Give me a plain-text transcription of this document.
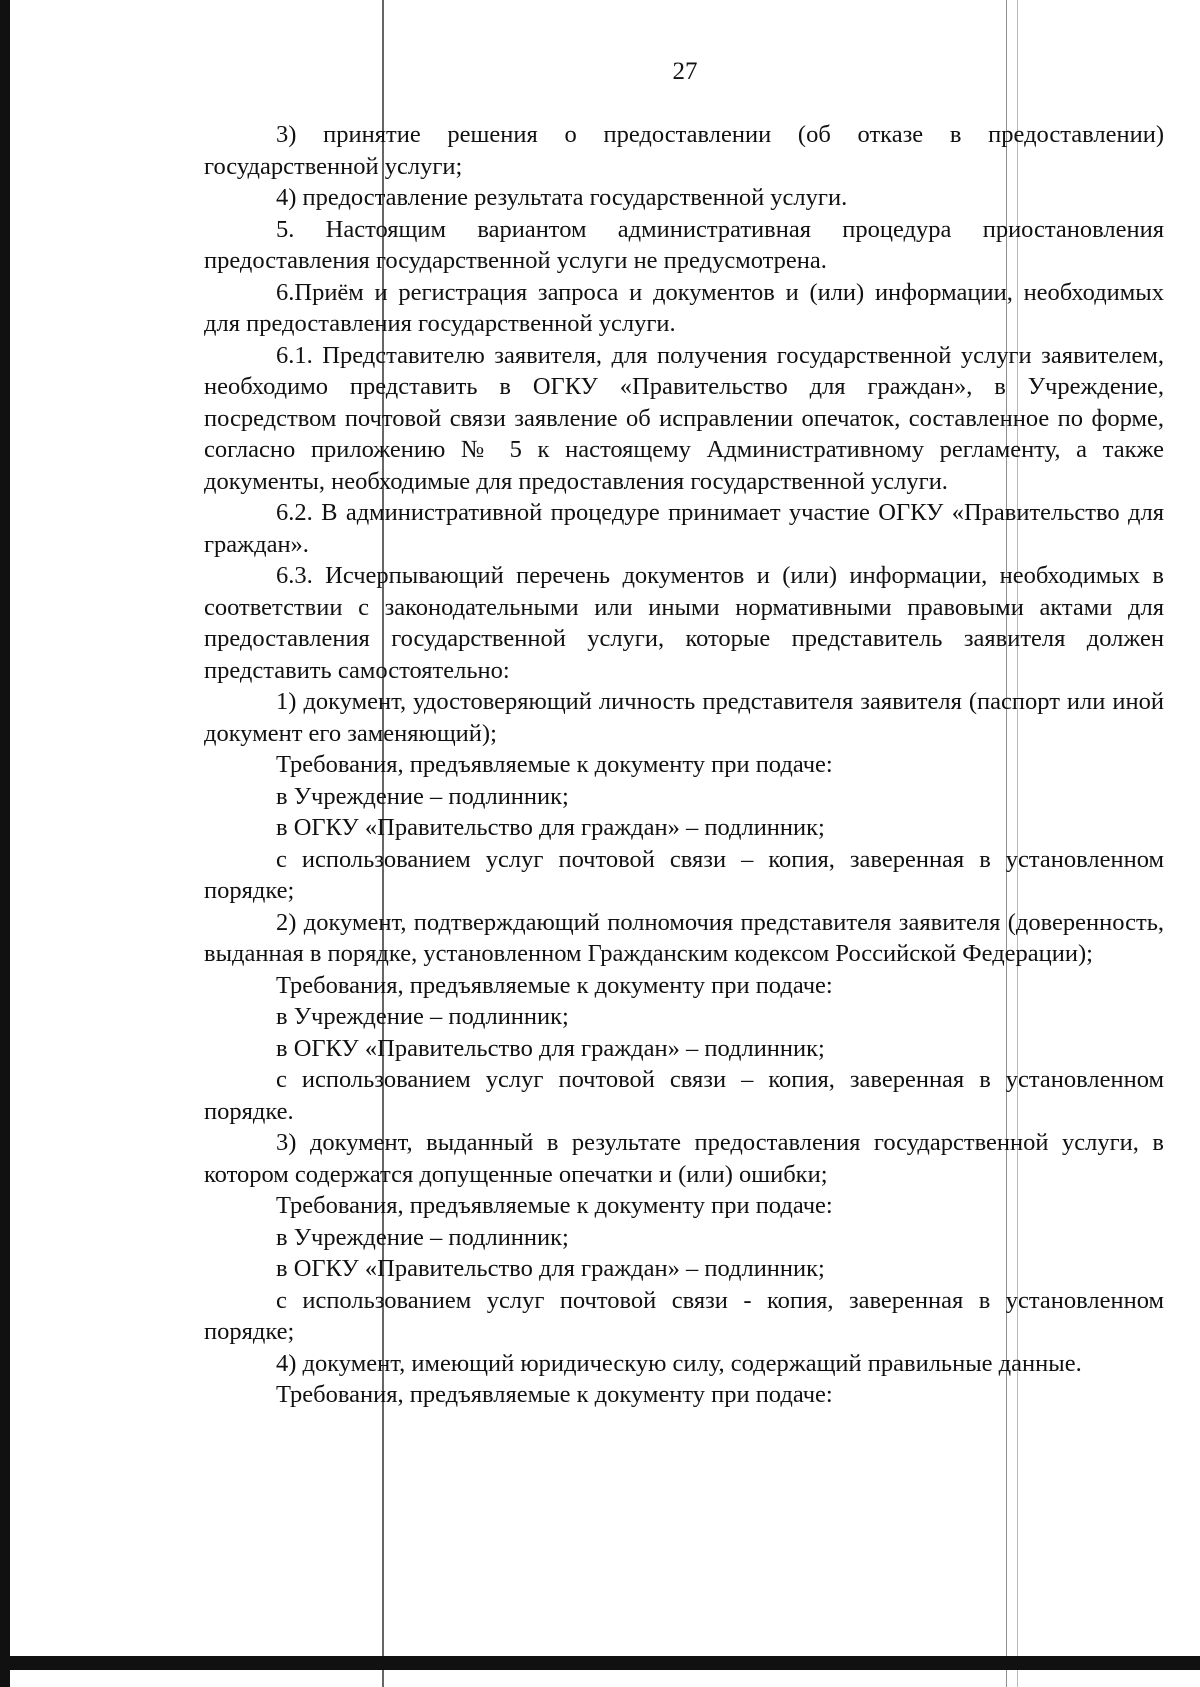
27

3) принятие решения о предоставлении (об отказе в предоставлении) государственной услуги;

4) предоставление результата государственной услуги.

5. Настоящим вариантом административная процедура приостановления предоставления государственной услуги не предусмотрена.

6.Приём и регистрация запроса и документов и (или) информации, необходимых для предоставления государственной услуги.

6.1. Представителю заявителя, для получения государственной услуги заявителем, необходимо представить в ОГКУ «Правительство для граждан», в Учреждение, посредством почтовой связи заявление об исправлении опечаток, составленное по форме, согласно приложению № 5 к настоящему Административному регламенту, а также документы, необходимые для предоставления государственной услуги.

6.2. В административной процедуре принимает участие ОГКУ «Правительство для граждан».

6.3. Исчерпывающий перечень документов и (или) информации, необходимых в соответствии с законодательными или иными нормативными правовыми актами для предоставления государственной услуги, которые представитель заявителя должен представить самостоятельно:

1) документ, удостоверяющий личность представителя заявителя (паспорт или иной документ его заменяющий);

Требования, предъявляемые к документу при подаче:

в Учреждение – подлинник;

в ОГКУ «Правительство для граждан» – подлинник;

с использованием услуг почтовой связи – копия, заверенная в установленном порядке;

2) документ, подтверждающий полномочия представителя заявителя (доверенность, выданная в порядке, установленном Гражданским кодексом Российской Федерации);

Требования, предъявляемые к документу при подаче:

в Учреждение – подлинник;

в ОГКУ «Правительство для граждан» – подлинник;

с использованием услуг почтовой связи – копия, заверенная в установленном порядке.

3) документ, выданный в результате предоставления государственной услуги, в котором содержатся допущенные опечатки и (или) ошибки;

Требования, предъявляемые к документу при подаче:

в Учреждение – подлинник;

в ОГКУ «Правительство для граждан» – подлинник;

с использованием услуг почтовой связи - копия, заверенная в установленном порядке;

4) документ, имеющий юридическую силу, содержащий правильные данные.

Требования, предъявляемые к документу при подаче:
